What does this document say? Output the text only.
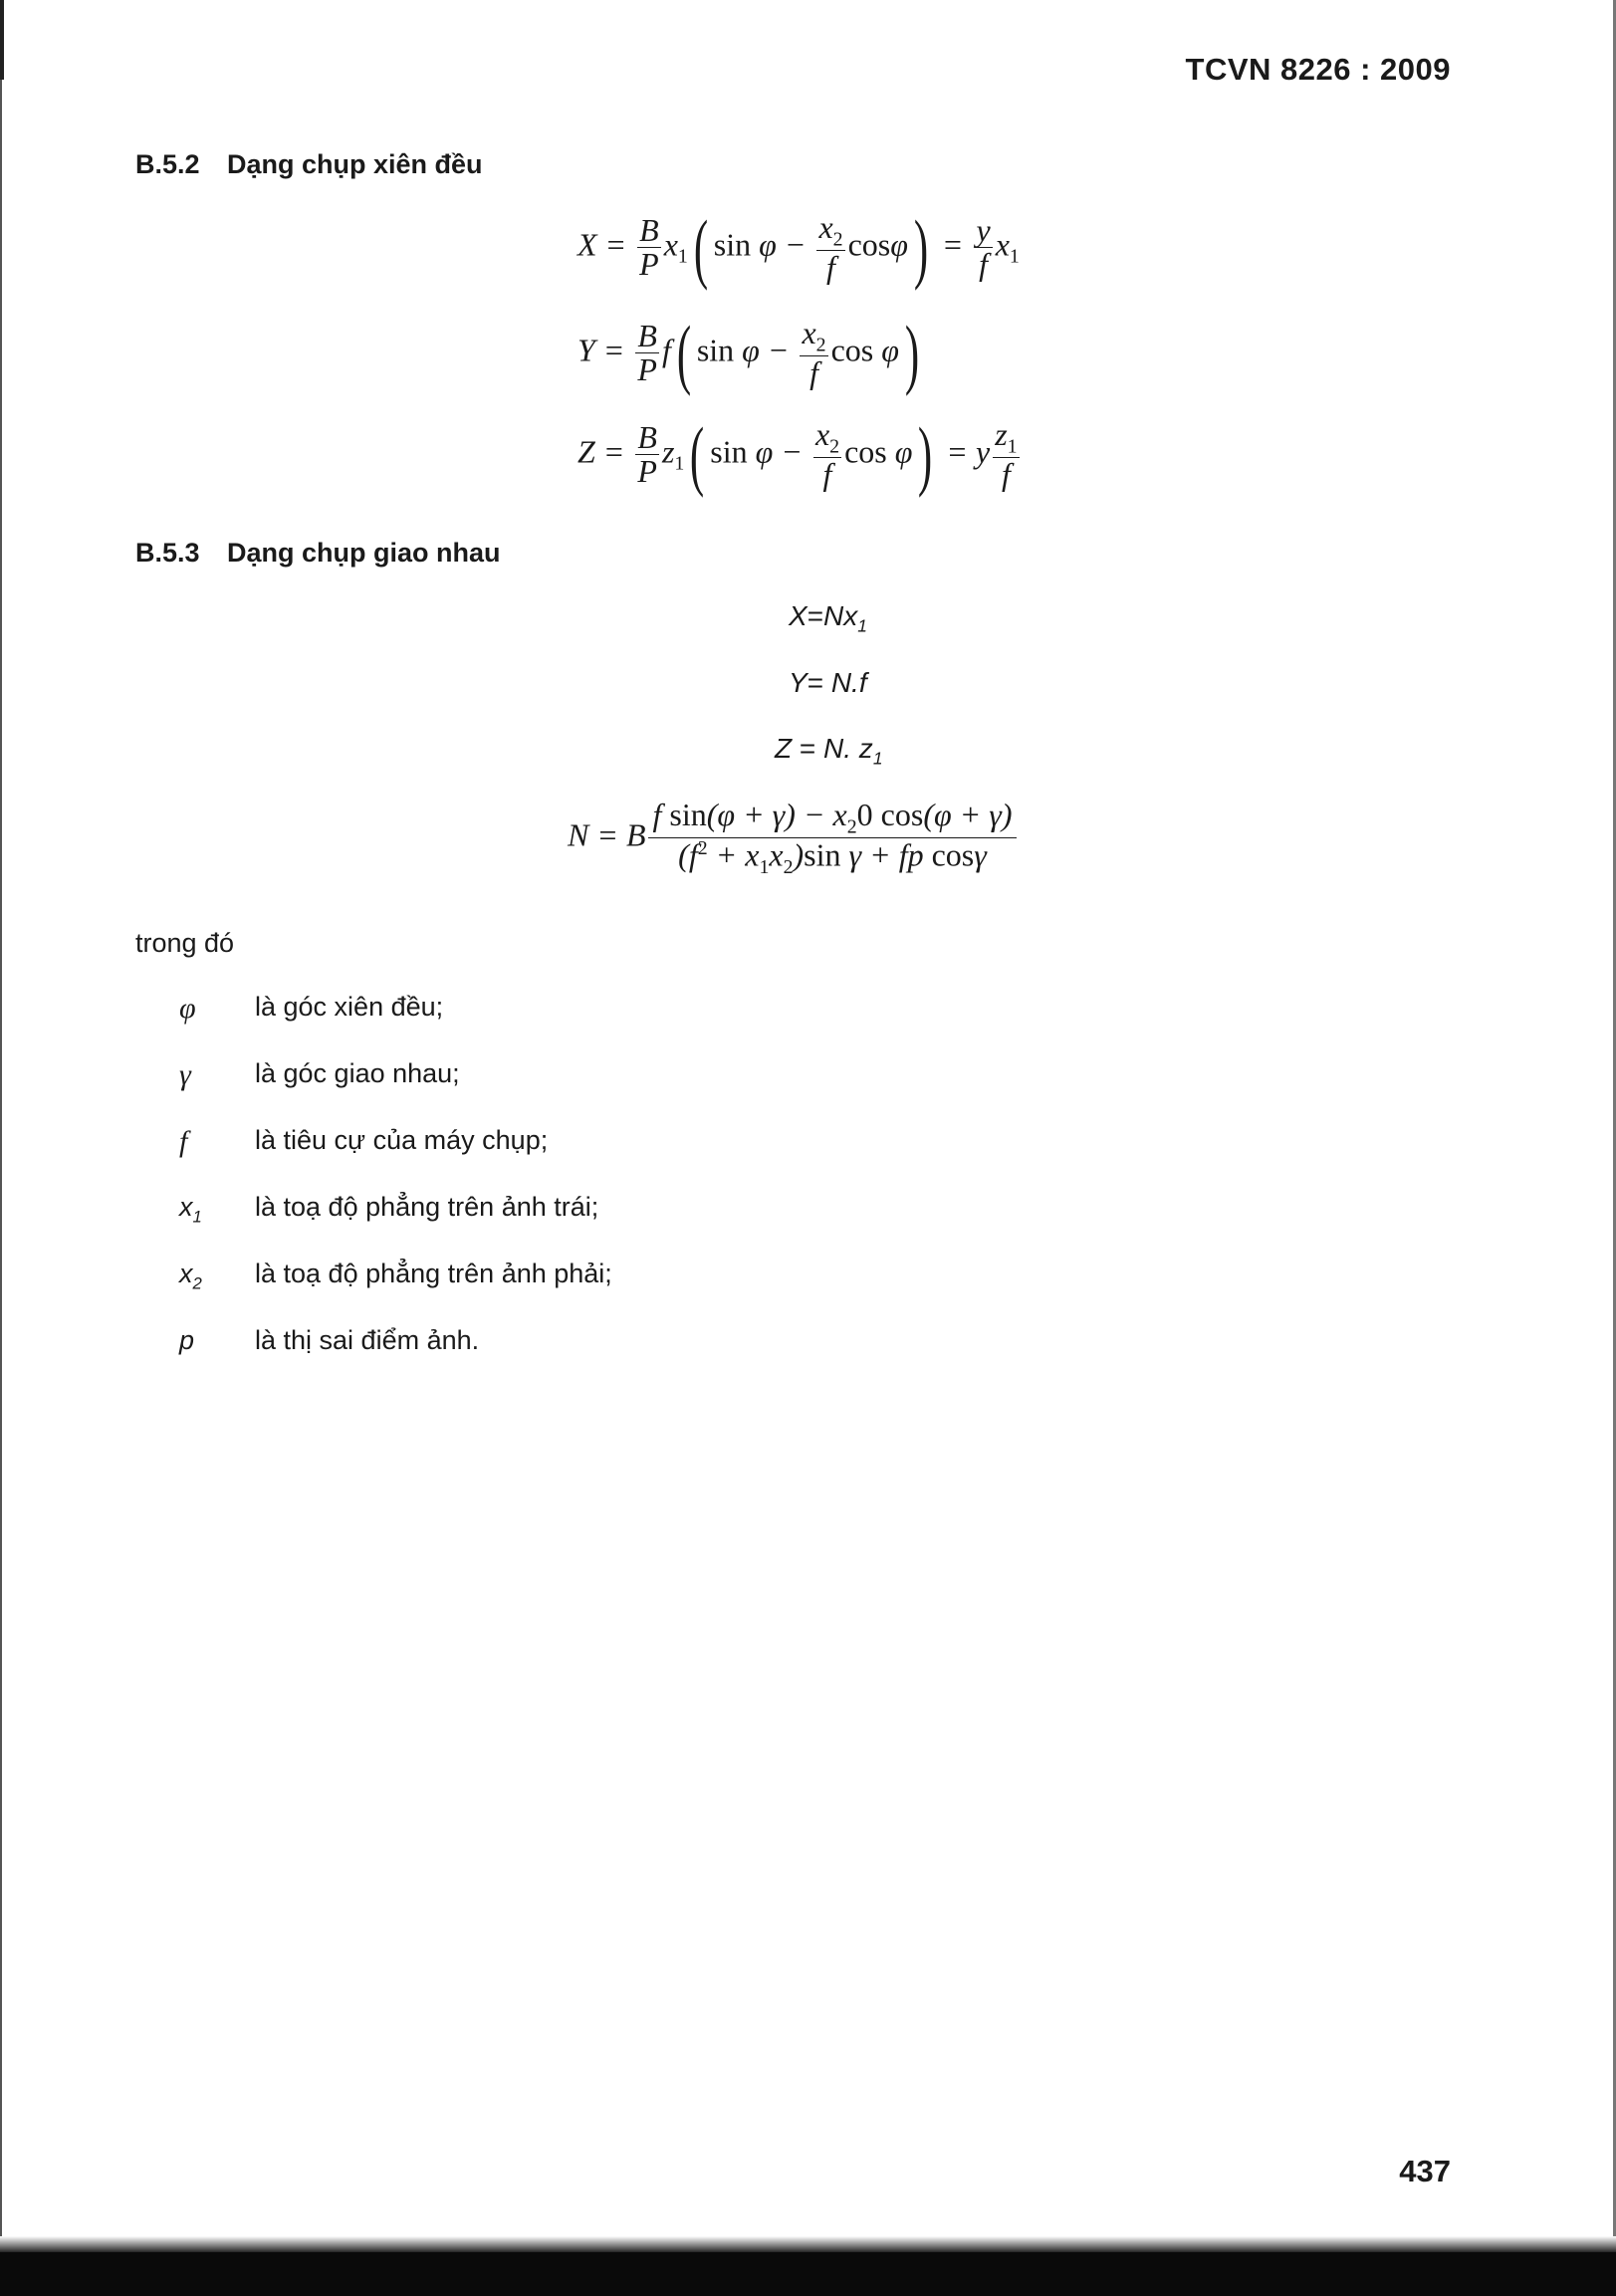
TCVN 8226 : 2009
B.5.2 Dạng chụp xiên đều
$X = \frac{B}{P} x_1$( $\sin \varphi - \frac{x_2}{f} \cos\varphi) = \frac{y}{f} x_1$
$Y = \frac{B}{P} f$( $\sin \varphi - \frac{x_2}{f}$ cos φ)
$Z = \frac{B}{P} z_1$( $\sin \varphi - \frac{x_2}{f}$ cos φ) = y $\frac{z_1}{f}$
B.5.3 Dạng chụp giao nhau
$X=Nx_1$
Y= N.f
Z = N. $z_1$
N = B $\frac{f \sin(\varphi + \gamma) - x_20 \cos(\varphi + \gamma)}{(f^2 + x_1x_2)\sin \gamma + fp \cos\gamma}$
trong đó
φ	là góc xiên đều;
γ	là góc giao nhau;
f	là tiêu cự của máy chụp;
$x_1$	là toạ độ phẳng trên ảnh trái;
$x_2$	là toạ độ phẳng trên ảnh phải;
p	là thị sai điểm ảnh.
437
